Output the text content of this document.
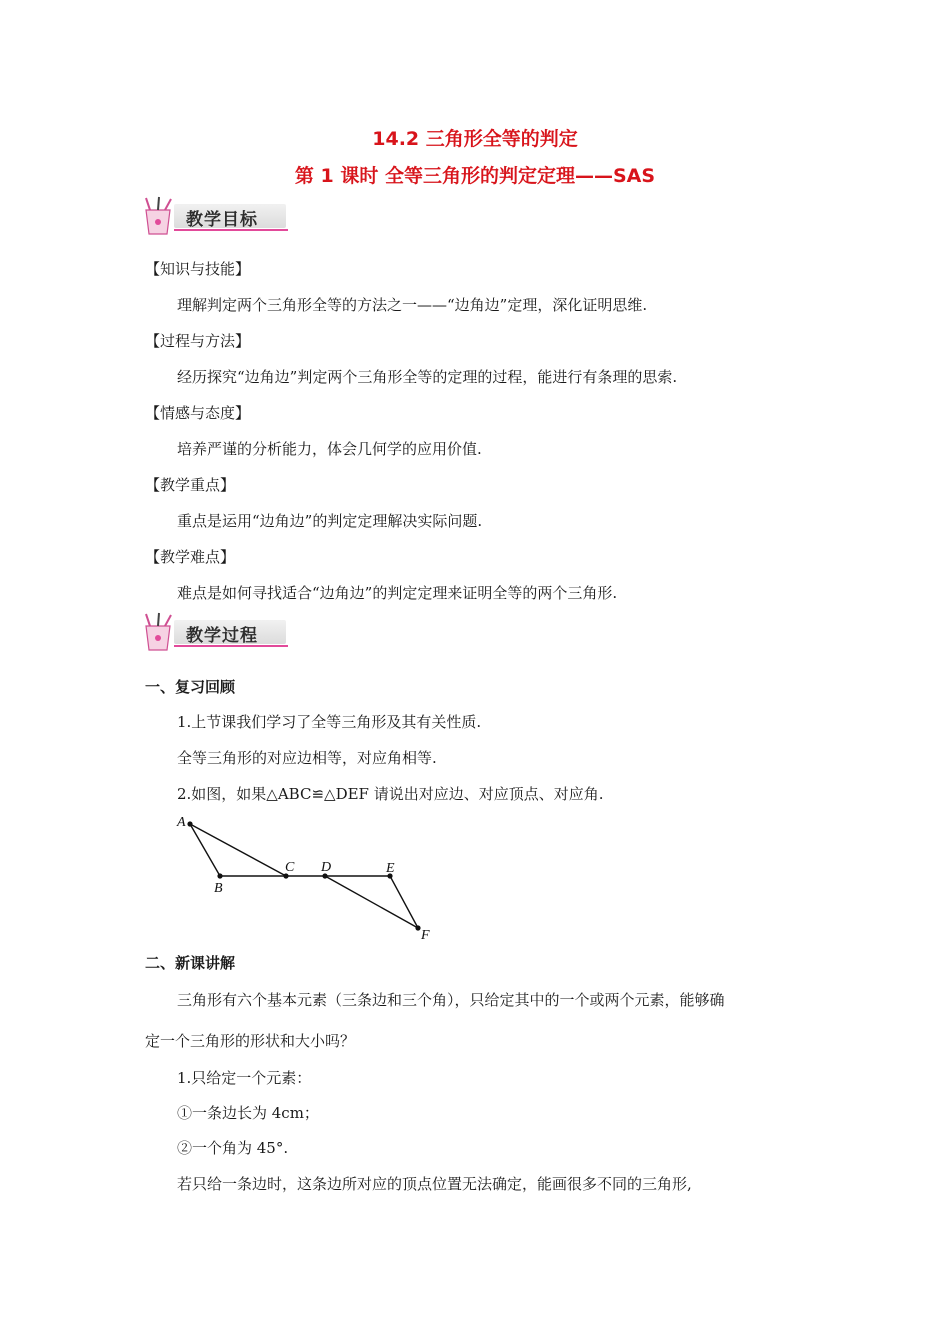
14.2 三角形全等的判定
第 1 课时 全等三角形的判定定理——SAS
教学目标
【知识与技能】
理解判定两个三角形全等的方法之一——“边角边”定理，深化证明思维.
【过程与方法】
经历探究“边角边”判定两个三角形全等的定理的过程，能进行有条理的思索.
【情感与态度】
培养严谨的分析能力，体会几何学的应用价值.
【教学重点】
重点是运用“边角边”的判定定理解决实际问题.
【教学难点】
难点是如何寻找适合“边角边”的判定定理来证明全等的两个三角形.
教学过程
一、复习回顾
1.上节课我们学习了全等三角形及其有关性质.
全等三角形的对应边相等，对应角相等.
2.如图，如果△ABC≌△DEF 请说出对应边、对应顶点、对应角.
A
B
C D	E
F
二、新课讲解
三角形有六个基本元素（三条边和三个角），只给定其中的一个或两个元素，能够确
定一个三角形的形状和大小吗？
1.只给定一个元素：
①一条边长为 4cm；
②一个角为 45°.
若只给一条边时，这条边所对应的顶点位置无法确定，能画很多不同的三角形,
